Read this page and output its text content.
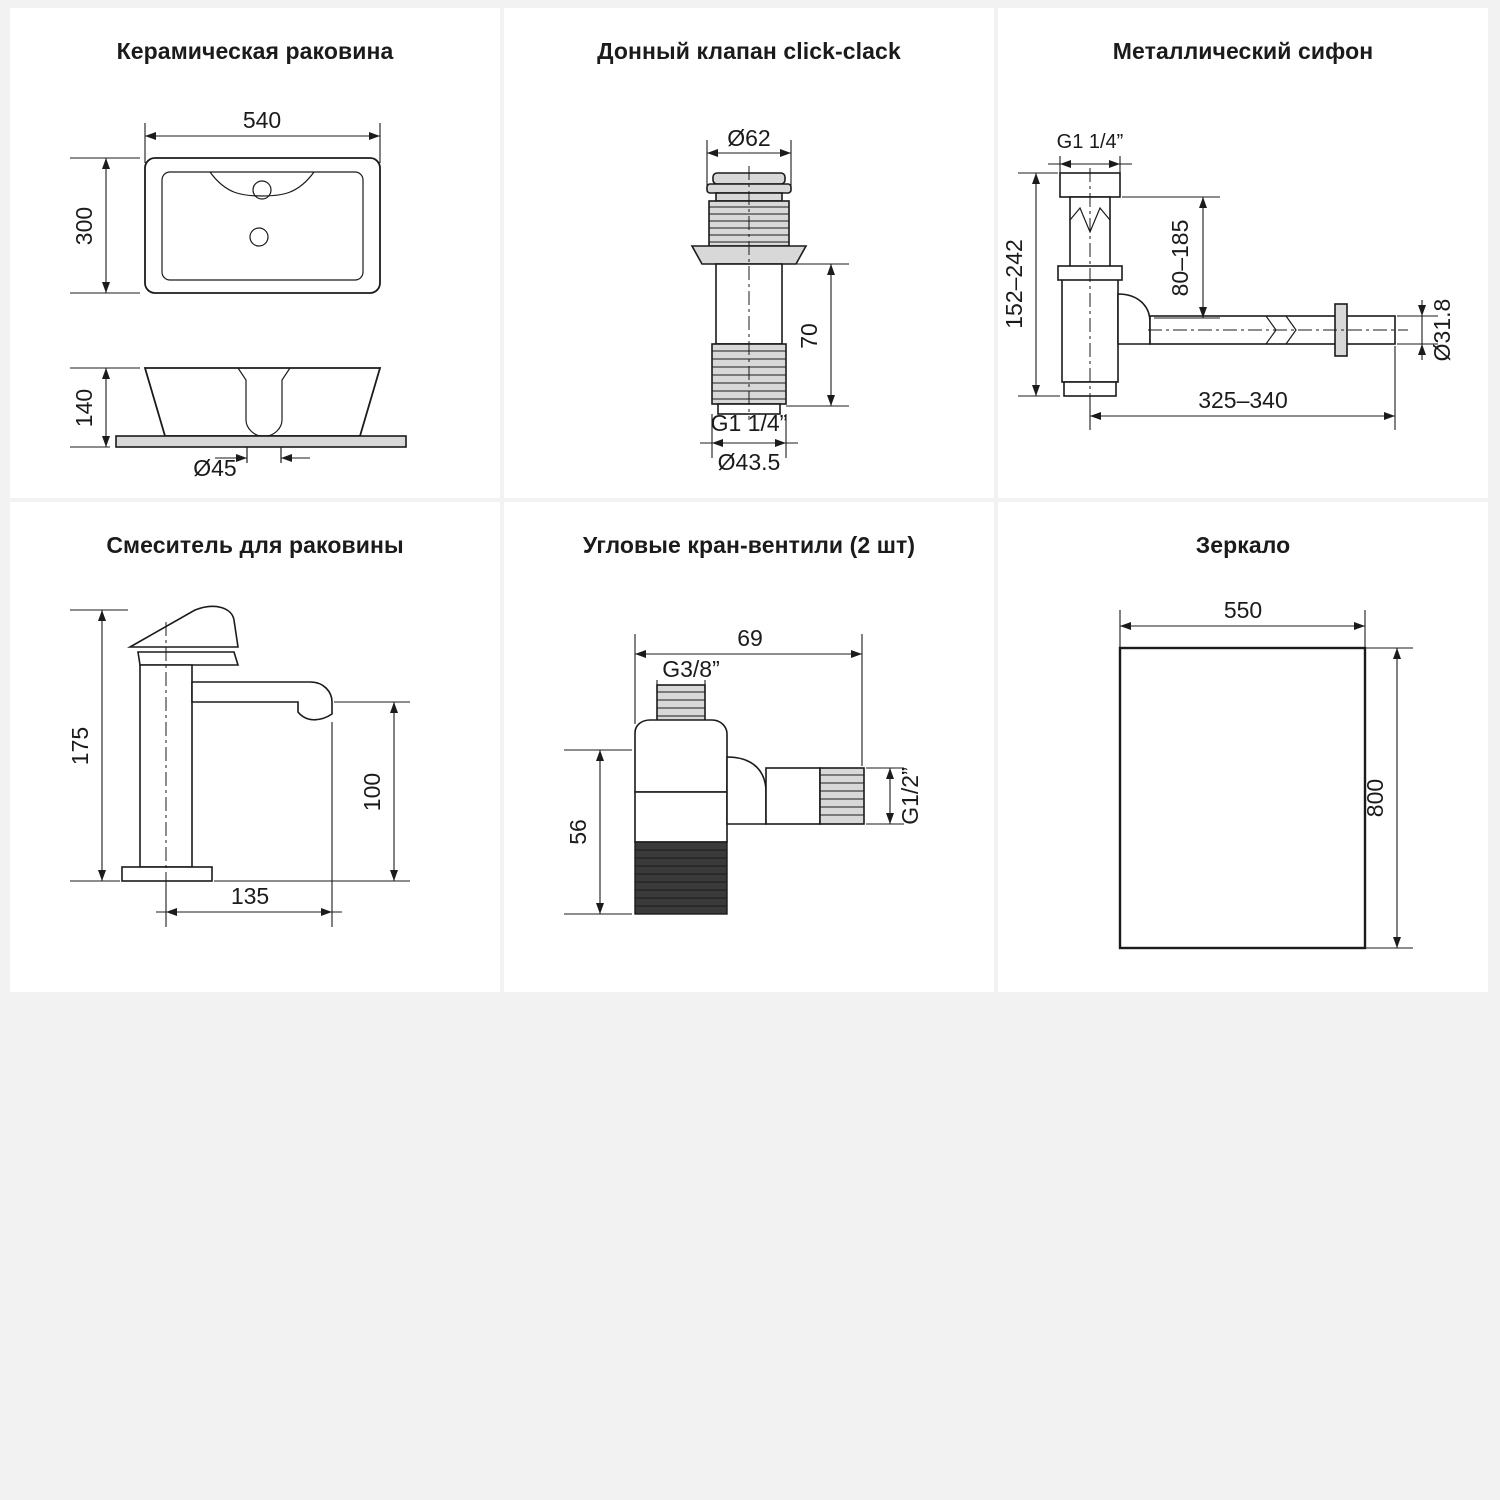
Керамическая раковина
540
300
140
Ø45
Донный клапан click-clack
Ø62
70
G1 1/4”
Ø43.5
Металлический сифон
G1 1/4”
80–185
152–242
Ø31.8
325–340
Смеситель для раковины
175
100
135
Угловые кран-вентили (2 шт)
69
G3/8”
56
G1/2”
Зеркало
550
800
